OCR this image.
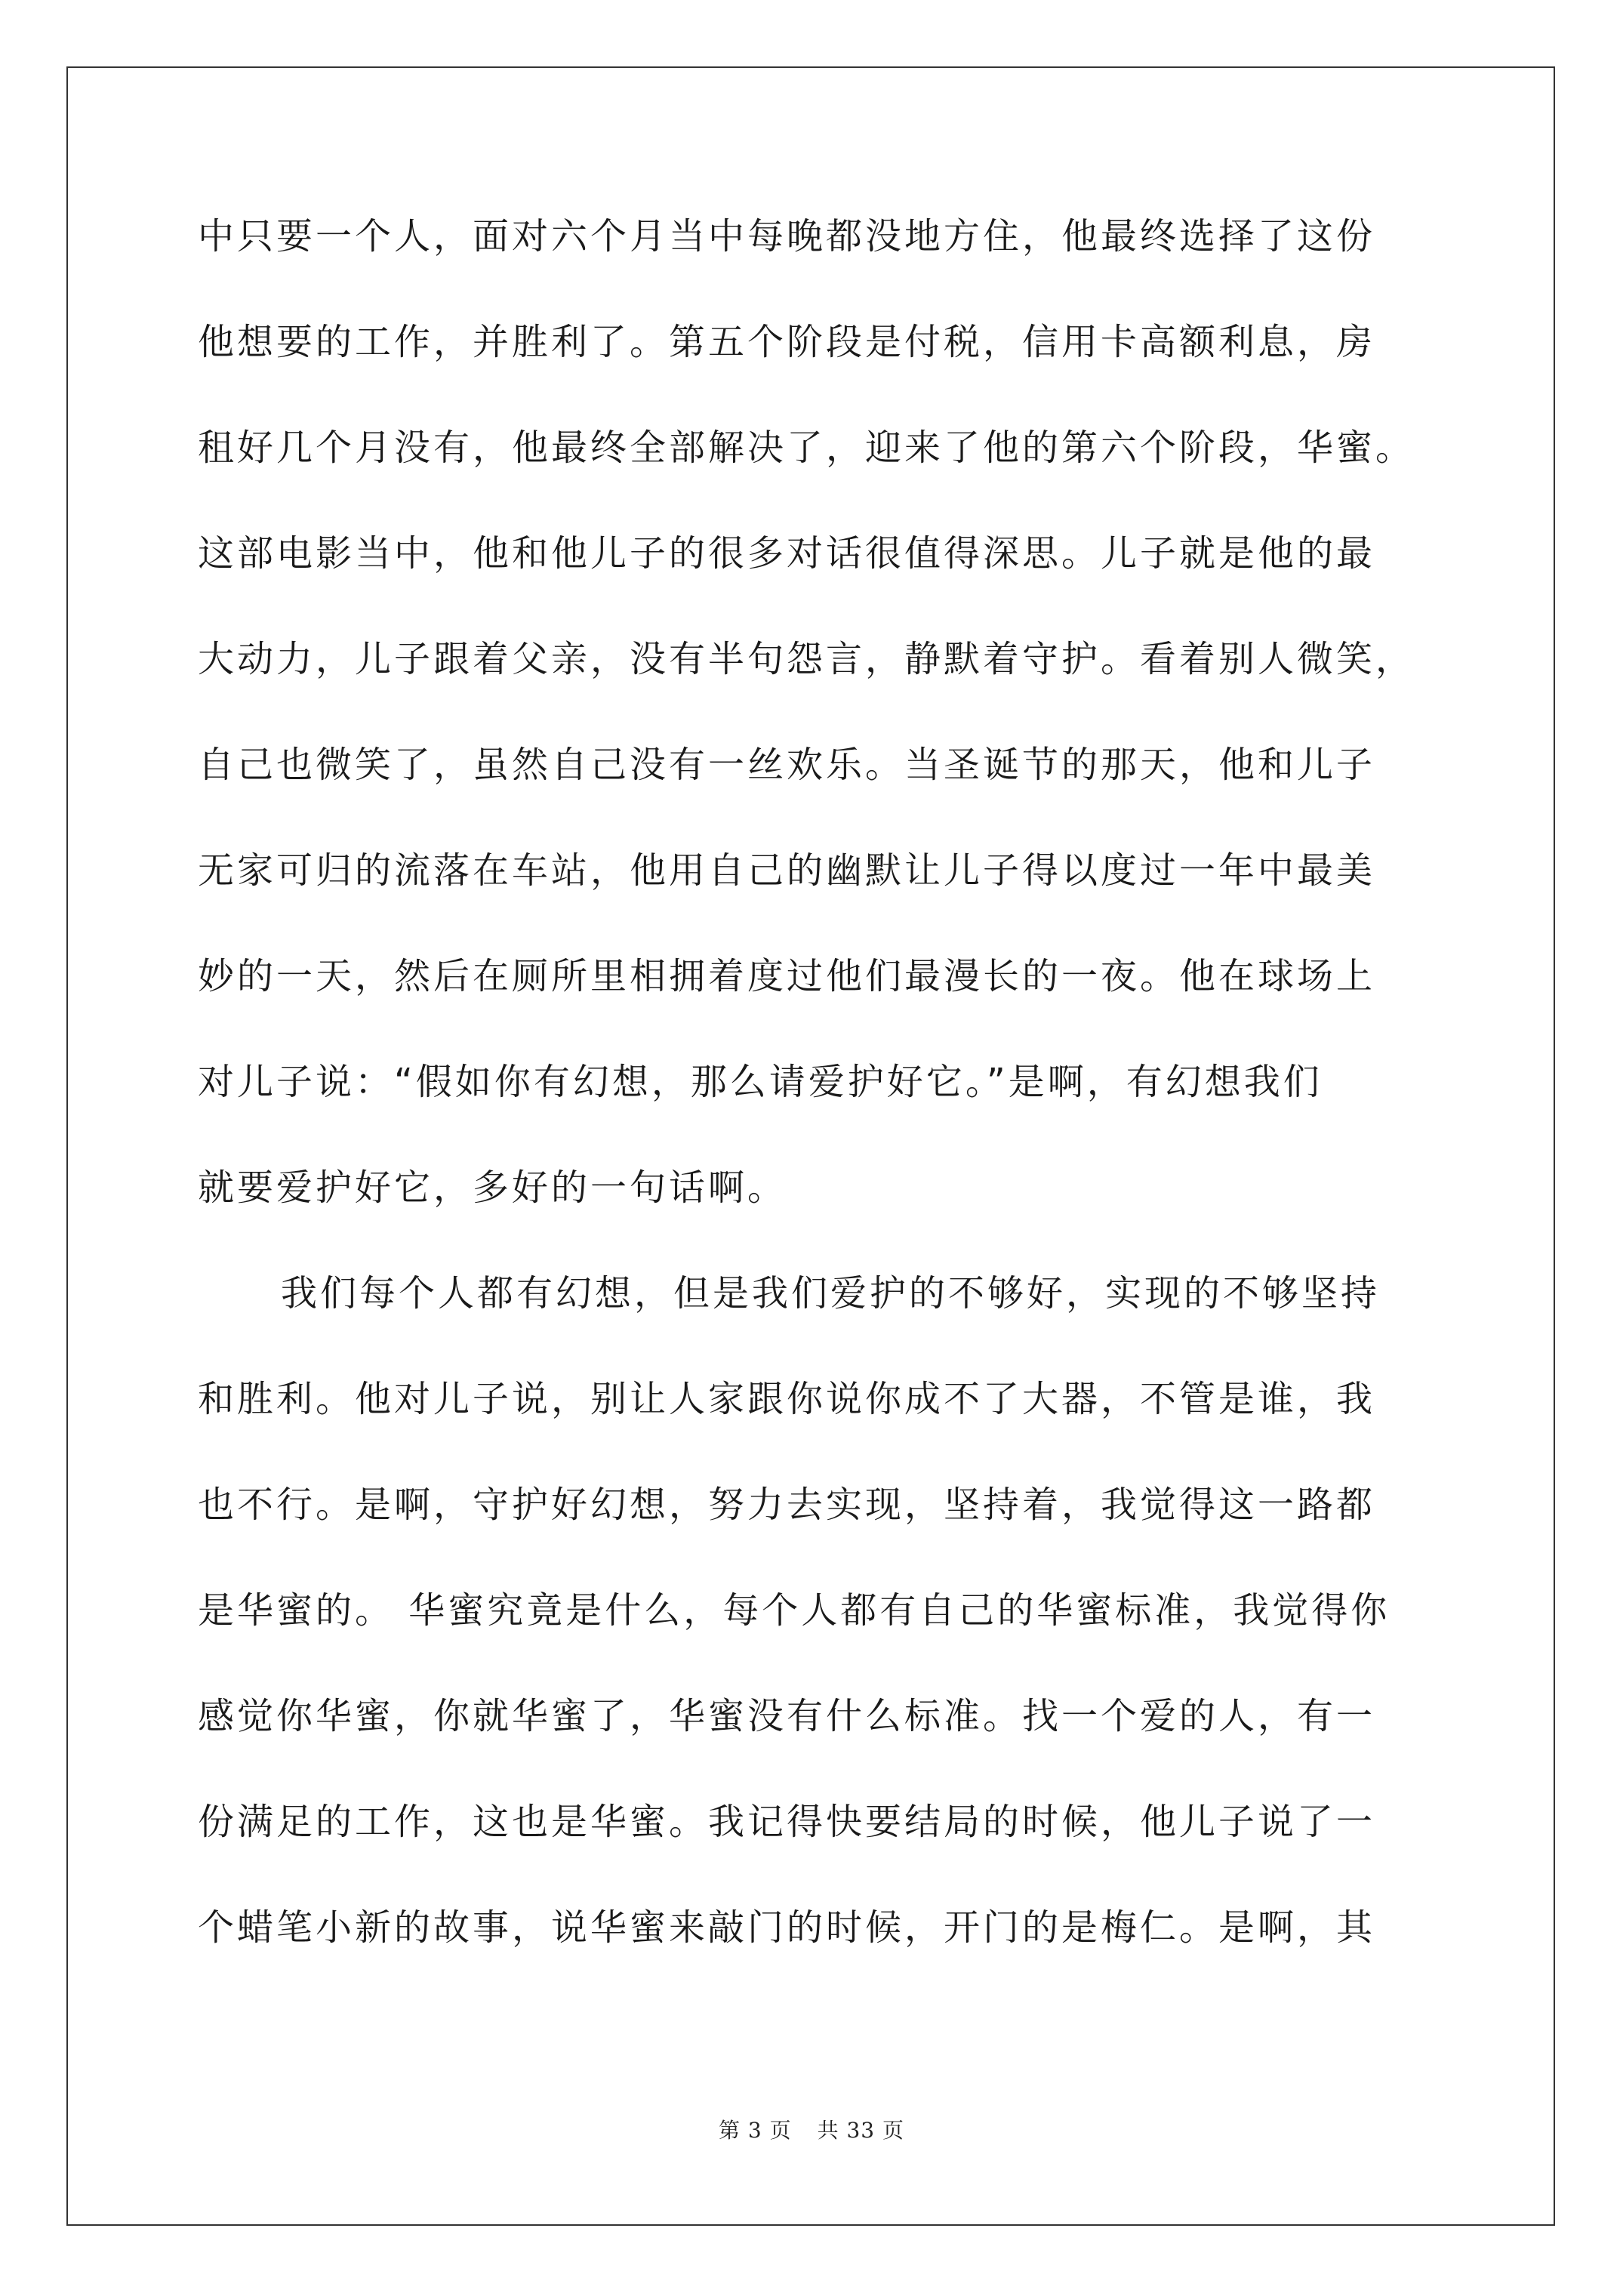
中只要一个人，面对六个月当中每晚都没地方住，他最终选择了这份
他想要的工作，并胜利了。第五个阶段是付税，信用卡高额利息，房
租好几个月没有，他最终全部解决了，迎来了他的第六个阶段，华蜜。
这部电影当中，他和他儿子的很多对话很值得深思。儿子就是他的最
大动力，儿子跟着父亲，没有半句怨言，静默着守护。看着别人微笑，
自己也微笑了，虽然自己没有一丝欢乐。当圣诞节的那天，他和儿子
无家可归的流落在车站，他用自己的幽默让儿子得以度过一年中最美
妙的一天，然后在厕所里相拥着度过他们最漫长的一夜。他在球场上
对儿子说：“假如你有幻想，那么请爱护好它。”是啊，有幻想我们
就要爱护好它，多好的一句话啊。
我们每个人都有幻想，但是我们爱护的不够好，实现的不够坚持
和胜利。他对儿子说，别让人家跟你说你成不了大器，不管是谁，我
也不行。是啊，守护好幻想，努力去实现，坚持着，我觉得这一路都
是华蜜的。 华蜜究竟是什么，每个人都有自己的华蜜标准，我觉得你
感觉你华蜜，你就华蜜了，华蜜没有什么标准。找一个爱的人，有一
份满足的工作，这也是华蜜。我记得快要结局的时候，他儿子说了一
个蜡笔小新的故事，说华蜜来敲门的时候，开门的是梅仁。是啊，其
第 3 页 共 33 页
